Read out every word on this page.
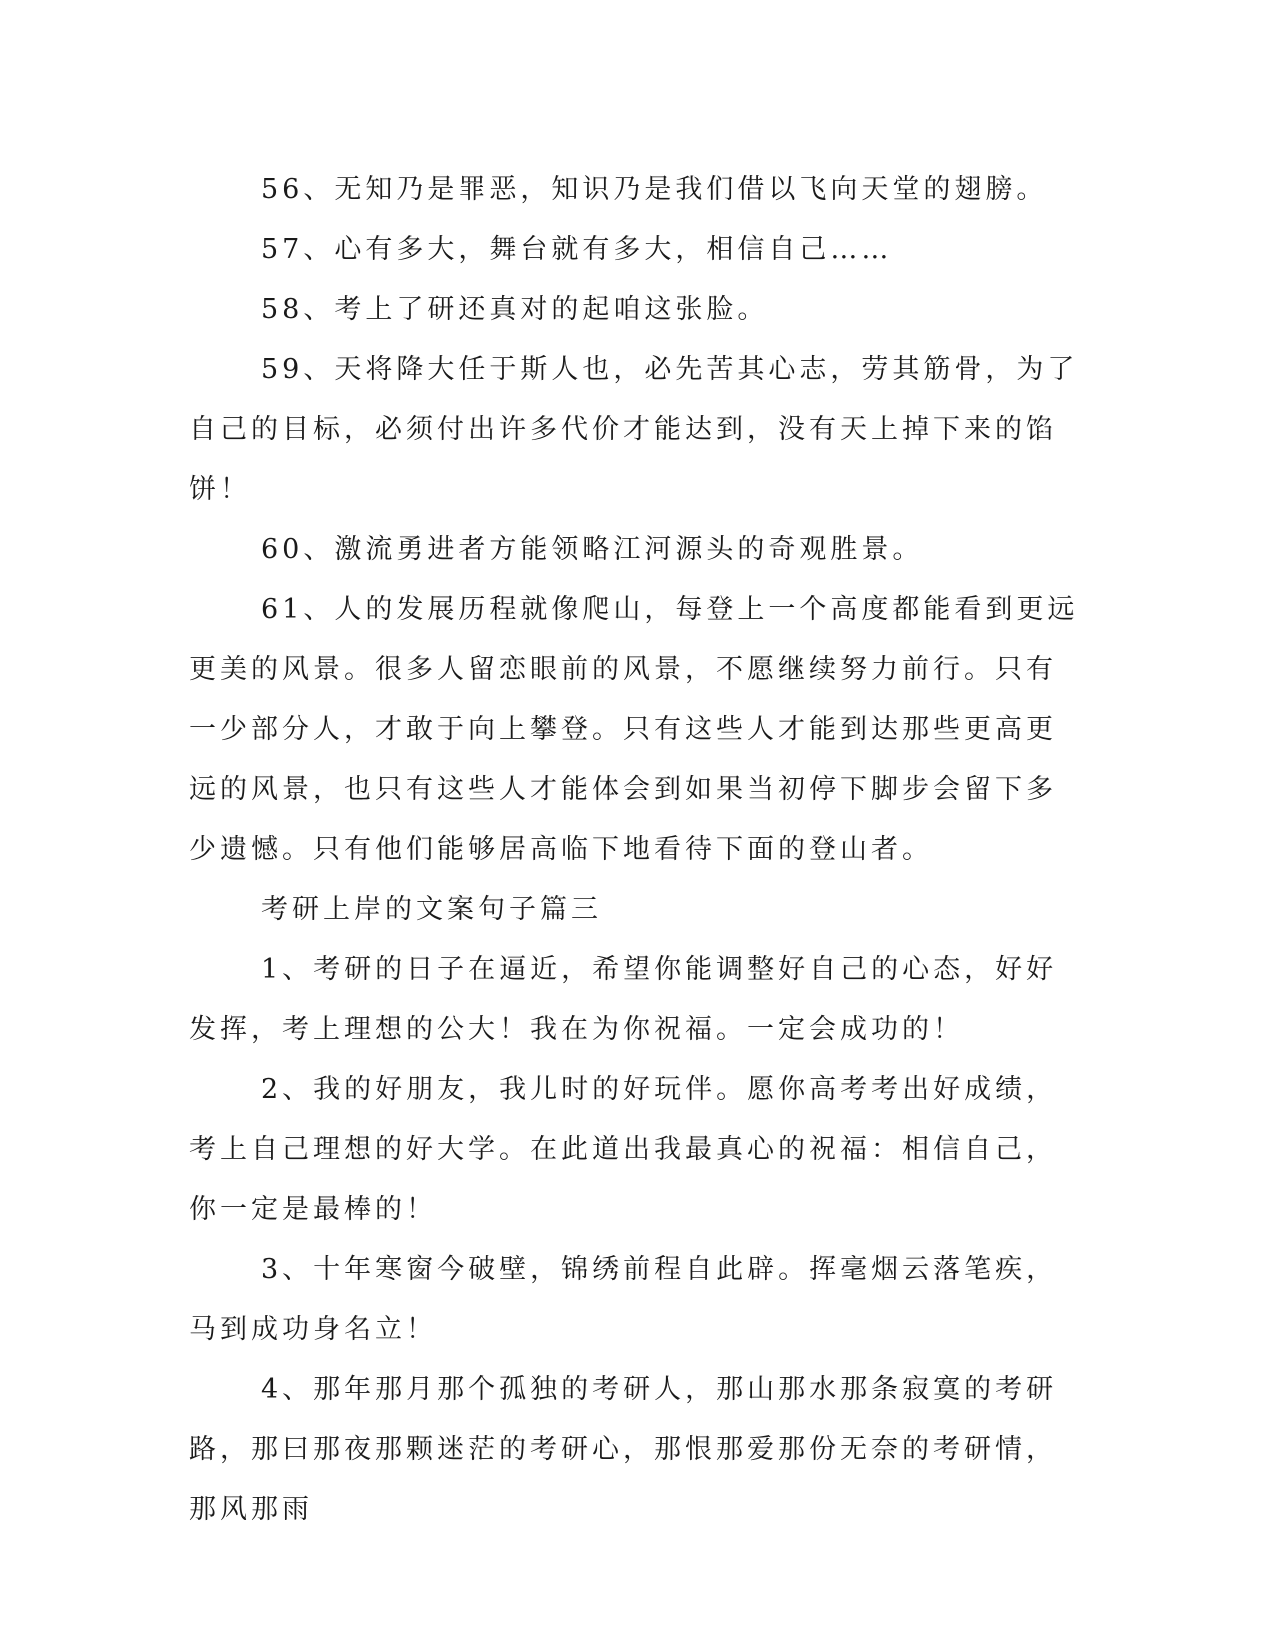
56、无知乃是罪恶，知识乃是我们借以飞向天堂的翅膀。

57、心有多大，舞台就有多大，相信自己……

58、考上了研还真对的起咱这张脸。

59、天将降大任于斯人也，必先苦其心志，劳其筋骨，为了自己的目标，必须付出许多代价才能达到，没有天上掉下来的馅饼！

60、激流勇进者方能领略江河源头的奇观胜景。

61、人的发展历程就像爬山，每登上一个高度都能看到更远更美的风景。很多人留恋眼前的风景，不愿继续努力前行。只有一少部分人，才敢于向上攀登。只有这些人才能到达那些更高更远的风景，也只有这些人才能体会到如果当初停下脚步会留下多少遗憾。只有他们能够居高临下地看待下面的登山者。

考研上岸的文案句子篇三

1、考研的日子在逼近，希望你能调整好自己的心态，好好发挥，考上理想的公大！我在为你祝福。一定会成功的！

2、我的好朋友，我儿时的好玩伴。愿你高考考出好成绩，考上自己理想的好大学。在此道出我最真心的祝福：相信自己，你一定是最棒的！

3、十年寒窗今破壁，锦绣前程自此辟。挥毫烟云落笔疾，马到成功身名立！

4、那年那月那个孤独的考研人，那山那水那条寂寞的考研路，那曰那夜那颗迷茫的考研心，那恨那爱那份无奈的考研情，那风那雨
